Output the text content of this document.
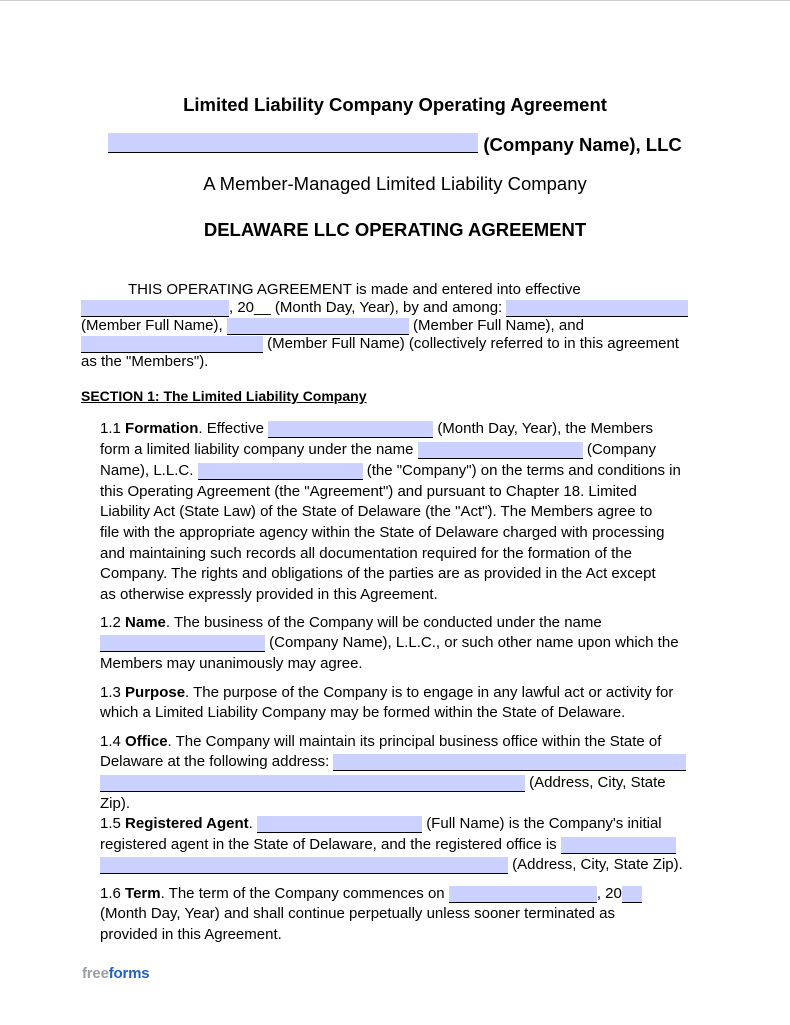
Limited Liability Company Operating Agreement
(Company Name), LLC
A Member-Managed Limited Liability Company
DELAWARE LLC OPERATING AGREEMENT
THIS OPERATING AGREEMENT is made and entered into effective
, 20__ (Month Day, Year), by and among:
(Member Full Name),	(Member Full Name), and
(Member Full Name) (collectively referred to in this agreement
as the "Members").
SECTION 1: The Limited Liability Company
1.1 Formation. Effective	(Month Day, Year), the Members
form a limited liability company under the name	(Company
Name), L.L.C.	(the "Company") on the terms and conditions in
this Operating Agreement (the "Agreement") and pursuant to Chapter 18. Limited
Liability Act (State Law) of the State of Delaware (the "Act"). The Members agree to
file with the appropriate agency within the State of Delaware charged with processing
and maintaining such records all documentation required for the formation of the
Company. The rights and obligations of the parties are as provided in the Act except
as otherwise expressly provided in this Agreement.
1.2 Name. The business of the Company will be conducted under the name
(Company Name), L.L.C., or such other name upon which the
Members may unanimously may agree.
1.3 Purpose. The purpose of the Company is to engage in any lawful act or activity for
which a Limited Liability Company may be formed within the State of Delaware.
1.4 Office. The Company will maintain its principal business office within the State of
Delaware at the following address:
(Address, City, State
Zip).
1.5 Registered Agent.	(Full Name) is the Company's initial
registered agent in the State of Delaware, and the registered office is
(Address, City, State Zip).
1.6 Term. The term of the Company commences on	, 20
(Month Day, Year) and shall continue perpetually unless sooner terminated as
provided in this Agreement.
freeforms
